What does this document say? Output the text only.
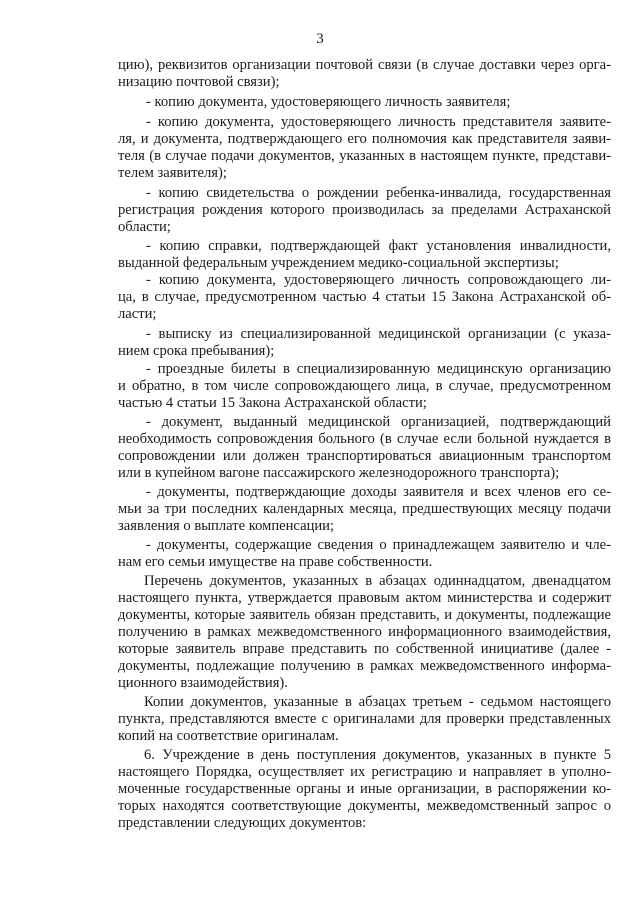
3
цию), реквизитов организации почтовой связи (в случае доставки через орга-
низацию почтовой связи);
- копию документа, удостоверяющего личность заявителя;
- копию документа, удостоверяющего личность представителя заявите-
ля, и документа, подтверждающего его полномочия как представителя заяви-
теля (в случае подачи документов, указанных в настоящем пункте, представи-
телем заявителя);
- копию свидетельства о рождении ребенка-инвалида, государственная
регистрация рождения которого производилась за пределами Астраханской
области;
- копию справки, подтверждающей факт установления инвалидности,
выданной федеральным учреждением медико-социальной экспертизы;
- копию документа, удостоверяющего личность сопровождающего ли-
ца, в случае, предусмотренном частью 4 статьи 15 Закона Астраханской об-
ласти;
- выписку из специализированной медицинской организации (с указа-
нием срока пребывания);
- проездные билеты в специализированную медицинскую организацию
и обратно, в том числе сопровождающего лица, в случае, предусмотренном
частью 4 статьи 15 Закона Астраханской области;
- документ, выданный медицинской организацией, подтверждающий
необходимость сопровождения больного (в случае если больной нуждается в
сопровождении или должен транспортироваться авиационным транспортом
или в купейном вагоне пассажирского железнодорожного транспорта);
- документы, подтверждающие доходы заявителя и всех членов его се-
мьи за три последних календарных месяца, предшествующих месяцу подачи
заявления о выплате компенсации;
- документы, содержащие сведения о принадлежащем заявителю и чле-
нам его семьи имуществе на праве собственности.
Перечень документов, указанных в абзацах одиннадцатом, двенадцатом
настоящего пункта, утверждается правовым актом министерства и содержит
документы, которые заявитель обязан представить, и документы, подлежащие
получению в рамках межведомственного информационного взаимодействия,
которые заявитель вправе представить по собственной инициативе (далее -
документы, подлежащие получению в рамках межведомственного информа-
ционного взаимодействия).
Копии документов, указанные в абзацах третьем - седьмом настоящего
пункта, представляются вместе с оригиналами для проверки представленных
копий на соответствие оригиналам.
6. Учреждение в день поступления документов, указанных в пункте 5
настоящего Порядка, осуществляет их регистрацию и направляет в уполно-
моченные государственные органы и иные организации, в распоряжении ко-
торых находятся соответствующие документы, межведомственный запрос о
представлении следующих документов:
